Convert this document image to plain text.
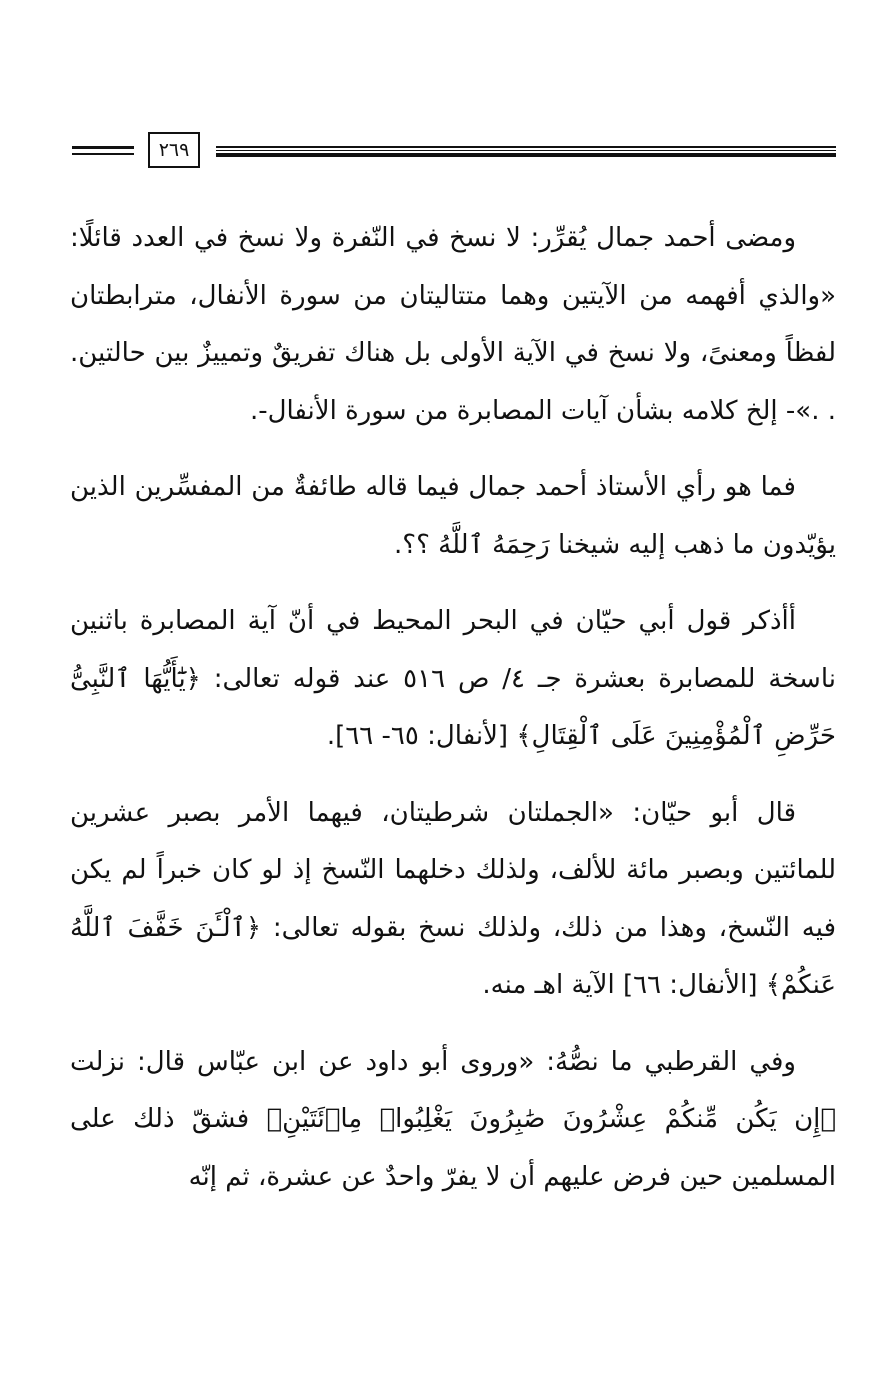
٢٦٩

ومضى أحمد جمال يُقرِّر: لا نسخ في النّفرة ولا نسخ في العدد قائلًا: «والذي أفهمه من الآيتين وهما متتاليتان من سورة الأنفال، مترابطتان لفظاً ومعنىً، ولا نسخ في الآية الأولى بل هناك تفريقٌ وتمييزٌ بين حالتين. . .»- إلخ كلامه بشأن آيات المصابرة من سورة الأنفال-.

فما هو رأي الأستاذ أحمد جمال فيما قاله طائفةٌ من المفسِّرين الذين يؤيّدون ما ذهب إليه شيخنا رَحِمَهُ ٱللَّهُ ؟؟.

أأذكر قول أبي حيّان في البحر المحيط في أنّ آية المصابرة باثنين ناسخة للمصابرة بعشرة جـ ٤/ ص ٥١٦ عند قوله تعالى: ﴿يَٰٓأَيُّهَا ٱلنَّبِىُّ حَرِّضِ ٱلْمُؤْمِنِينَ عَلَى ٱلْقِتَالِ﴾ [لأنفال: ٦٥- ٦٦].

قال أبو حيّان: «الجملتان شرطيتان، فيهما الأمر بصبر عشرين للمائتين وبصبر مائة للألف، ولذلك دخلهما النّسخ إذ لو كان خبراً لم يكن فيه النّسخ، وهذا من ذلك، ولذلك نسخ بقوله تعالى: ﴿ٱلْـَٔنَ خَفَّفَ ٱللَّهُ عَنكُمْ﴾ [الأنفال: ٦٦] الآية اهـ منه.

وفي القرطبي ما نصُّهُ: «وروى أبو داود عن ابن عبّاس قال: نزلت ﴿إِن يَكُن مِّنكُمْ عِشْرُونَ صَٰبِرُونَ يَغْلِبُوا۟ مِا۟ئَتَيْنِ﴾ فشقّ ذلك على المسلمين حين فرض عليهم أن لا يفرّ واحدٌ عن عشرة، ثم إنّه
